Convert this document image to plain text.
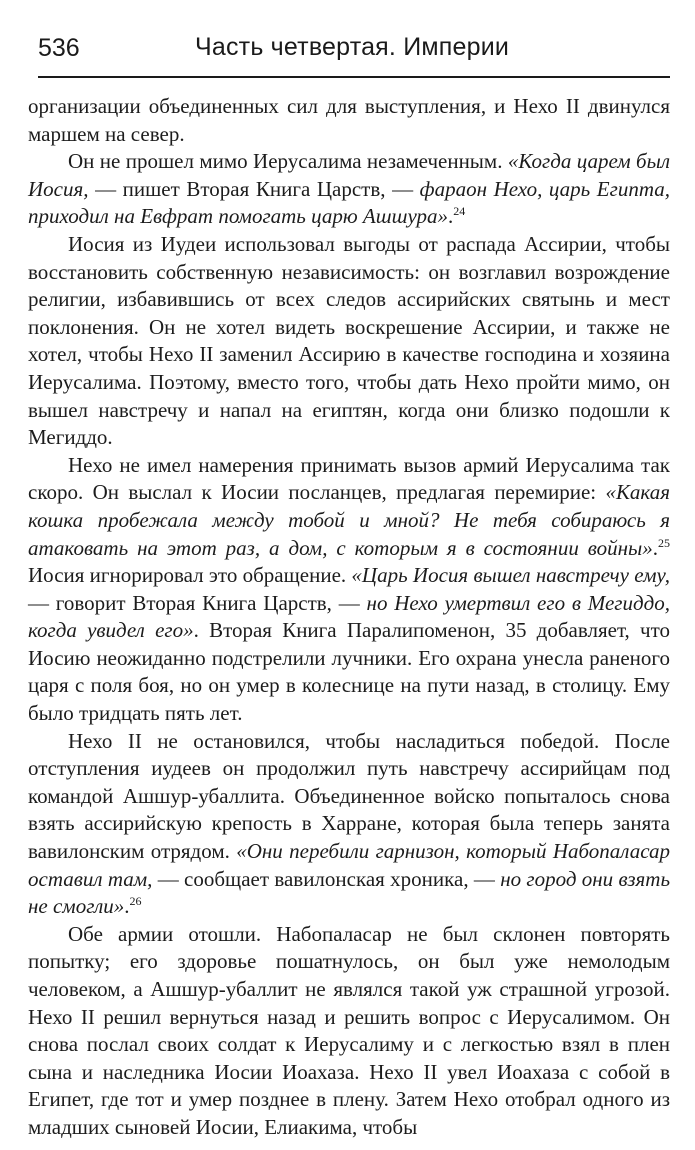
536	Часть четвертая. Империи

организации объединенных сил для выступления, и Нехо II двинулся маршем на север.

Он не прошел мимо Иерусалима незамеченным. «Когда царем был Иосия, — пишет Вторая Книга Царств, — фараон Нехо, царь Египта, приходил на Евфрат помогать царю Ашшура».$^{24}$

Иосия из Иудеи использовал выгоды от распада Ассирии, чтобы восстановить собственную независимость: он возглавил возрождение религии, избавившись от всех следов ассирийских святынь и мест поклонения. Он не хотел видеть воскрешение Ассирии, и также не хотел, чтобы Нехо II заменил Ассирию в качестве господина и хозяина Иерусалима. Поэтому, вместо того, чтобы дать Нехо пройти мимо, он вышел навстречу и напал на египтян, когда они близко подошли к Мегиддо.

Нехо не имел намерения принимать вызов армий Иерусалима так скоро. Он выслал к Иосии посланцев, предлагая перемирие: «Какая кошка пробежала между тобой и мной? Не тебя собираюсь я атаковать на этот раз, а дом, с которым я в состоянии войны».$^{25}$ Иосия игнорировал это обращение. «Царь Иосия вышел навстречу ему, — говорит Вторая Книга Царств, — но Нехо умертвил его в Мегиддо, когда увидел его». Вторая Книга Паралипоменон, 35 добавляет, что Иосию неожиданно подстрелили лучники. Его охрана унесла раненого царя с поля боя, но он умер в колеснице на пути назад, в столицу. Ему было тридцать пять лет.

Нехо II не остановился, чтобы насладиться победой. После отступления иудеев он продолжил путь навстречу ассирийцам под командой Ашшур-убаллита. Объединенное войско попыталось снова взять ассирийскую крепость в Харране, которая была теперь занята вавилонским отрядом. «Они перебили гарнизон, который Набопаласар оставил там, — сообщает вавилонская хроника, — но город они взять не смогли».$^{26}$

Обе армии отошли. Набопаласар не был склонен повторять попытку; его здоровье пошатнулось, он был уже немолодым человеком, а Ашшур-убаллит не являлся такой уж страшной угрозой. Нехо II решил вернуться назад и решить вопрос с Иерусалимом. Он снова послал своих солдат к Иерусалиму и с легкостью взял в плен сына и наследника Иосии Иоахаза. Нехо II увел Иоахаза с собой в Египет, где тот и умер позднее в плену. Затем Нехо отобрал одного из младших сыновей Иосии, Елиакима, чтобы
